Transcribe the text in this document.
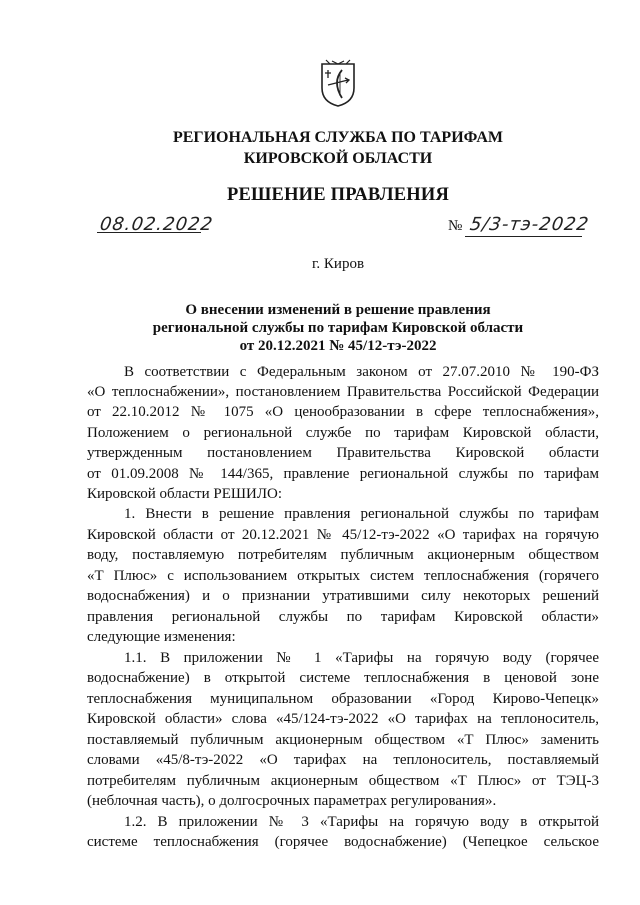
РЕГИОНАЛЬНАЯ СЛУЖБА ПО ТАРИФАМ
КИРОВСКОЙ ОБЛАСТИ
РЕШЕНИЕ ПРАВЛЕНИЯ
08.02.2022	№ 5/3-тэ-2022
г. Киров
О внесении изменений в решение правления
региональной службы по тарифам Кировской области
от 20.12.2021 № 45/12-тэ-2022
В соответствии с Федеральным законом от 27.07.2010 № 190-ФЗ
«О теплоснабжении», постановлением Правительства Российской Федерации
от 22.10.2012 № 1075 «О ценообразовании в сфере теплоснабжения»,
Положением о региональной службе по тарифам Кировской области,
утвержденным постановлением Правительства Кировской области
от 01.09.2008 № 144/365, правление региональной службы по тарифам
Кировской области РЕШИЛО:
1. Внести в решение правления региональной службы по тарифам
Кировской области от 20.12.2021 № 45/12-тэ-2022 «О тарифах на горячую
воду, поставляемую потребителям публичным акционерным обществом
«Т Плюс» с использованием открытых систем теплоснабжения (горячего
водоснабжения) и о признании утратившими силу некоторых решений
правления региональной службы по тарифам Кировской области»
следующие изменения:
1.1. В приложении № 1 «Тарифы на горячую воду (горячее
водоснабжение) в открытой системе теплоснабжения в ценовой зоне
теплоснабжения муниципальном образовании «Город Кирово-Чепецк»
Кировской области» слова «45/124-тэ-2022 «О тарифах на теплоноситель,
поставляемый публичным акционерным обществом «Т Плюс» заменить
словами «45/8-тэ-2022 «О тарифах на теплоноситель, поставляемый
потребителям публичным акционерным обществом «Т Плюс» от ТЭЦ-3
(неблочная часть), о долгосрочных параметрах регулирования».
1.2. В приложении № 3 «Тарифы на горячую воду в открытой
системе теплоснабжения (горячее водоснабжение) (Чепецкое сельское
